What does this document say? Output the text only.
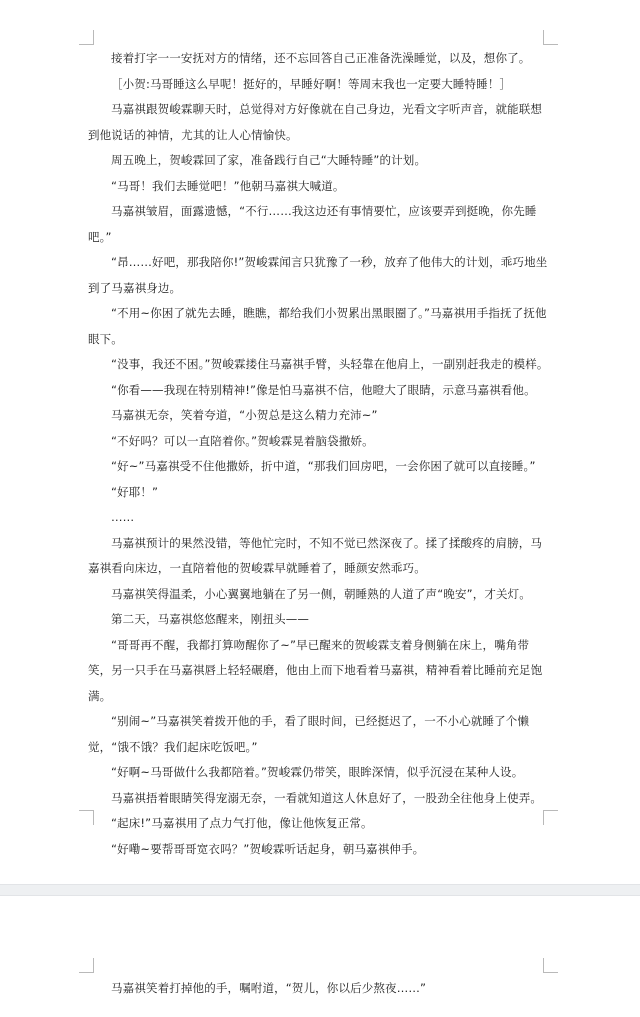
接着打字一一安抚对方的情绪，还不忘回答自己正准备洗澡睡觉，以及，想你了。

［小贺:马哥睡这么早呢！挺好的，早睡好啊！等周末我也一定要大睡特睡！］

马嘉祺跟贺峻霖聊天时，总觉得对方好像就在自己身边，光看文字听声音，就能联想到他说话的神情，尤其的让人心情愉快。

周五晚上，贺峻霖回了家，准备践行自己“大睡特睡”的计划。

“马哥！我们去睡觉吧！”他朝马嘉祺大喊道。

马嘉祺皱眉，面露遗憾，“不行……我这边还有事情要忙，应该要弄到挺晚，你先睡吧。”

“昂……好吧，那我陪你!”贺峻霖闻言只犹豫了一秒，放弃了他伟大的计划，乖巧地坐到了马嘉祺身边。

“不用~你困了就先去睡，瞧瞧，都给我们小贺累出黑眼圈了。”马嘉祺用手指抚了抚他眼下。

“没事，我还不困。”贺峻霖搂住马嘉祺手臂，头轻靠在他肩上，一副别赶我走的模样。

“你看——我现在特别精神!”像是怕马嘉祺不信，他瞪大了眼睛，示意马嘉祺看他。

马嘉祺无奈，笑着夸道，“小贺总是这么精力充沛~”

“不好吗？可以一直陪着你。”贺峻霖晃着脑袋撒娇。

“好~”马嘉祺受不住他撒娇，折中道，“那我们回房吧，一会你困了就可以直接睡。”

“好耶！”

……

马嘉祺预计的果然没错，等他忙完时，不知不觉已然深夜了。揉了揉酸疼的肩膀，马嘉祺看向床边，一直陪着他的贺峻霖早就睡着了，睡颜安然乖巧。

马嘉祺笑得温柔，小心翼翼地躺在了另一侧，朝睡熟的人道了声“晚安”，才关灯。

第二天，马嘉祺悠悠醒来，刚扭头——

“哥哥再不醒，我都打算吻醒你了~”早已醒来的贺峻霖支着身侧躺在床上，嘴角带笑，另一只手在马嘉祺唇上轻轻碾磨，他由上而下地看着马嘉祺，精神看着比睡前充足饱满。

“别闹~”马嘉祺笑着拨开他的手，看了眼时间，已经挺迟了，一不小心就睡了个懒觉，“饿不饿？我们起床吃饭吧。”

“好啊~马哥做什么我都陪着。”贺峻霖仍带笑，眼眸深情，似乎沉浸在某种人设。

马嘉祺捂着眼睛笑得宠溺无奈，一看就知道这人休息好了，一股劲全往他身上使弄。

“起床!”马嘉祺用了点力气打他，像让他恢复正常。

“好嘞~要帮哥哥宽衣吗？”贺峻霖听话起身，朝马嘉祺伸手。

马嘉祺笑着打掉他的手，嘱咐道，“贺儿，你以后少熬夜……”
